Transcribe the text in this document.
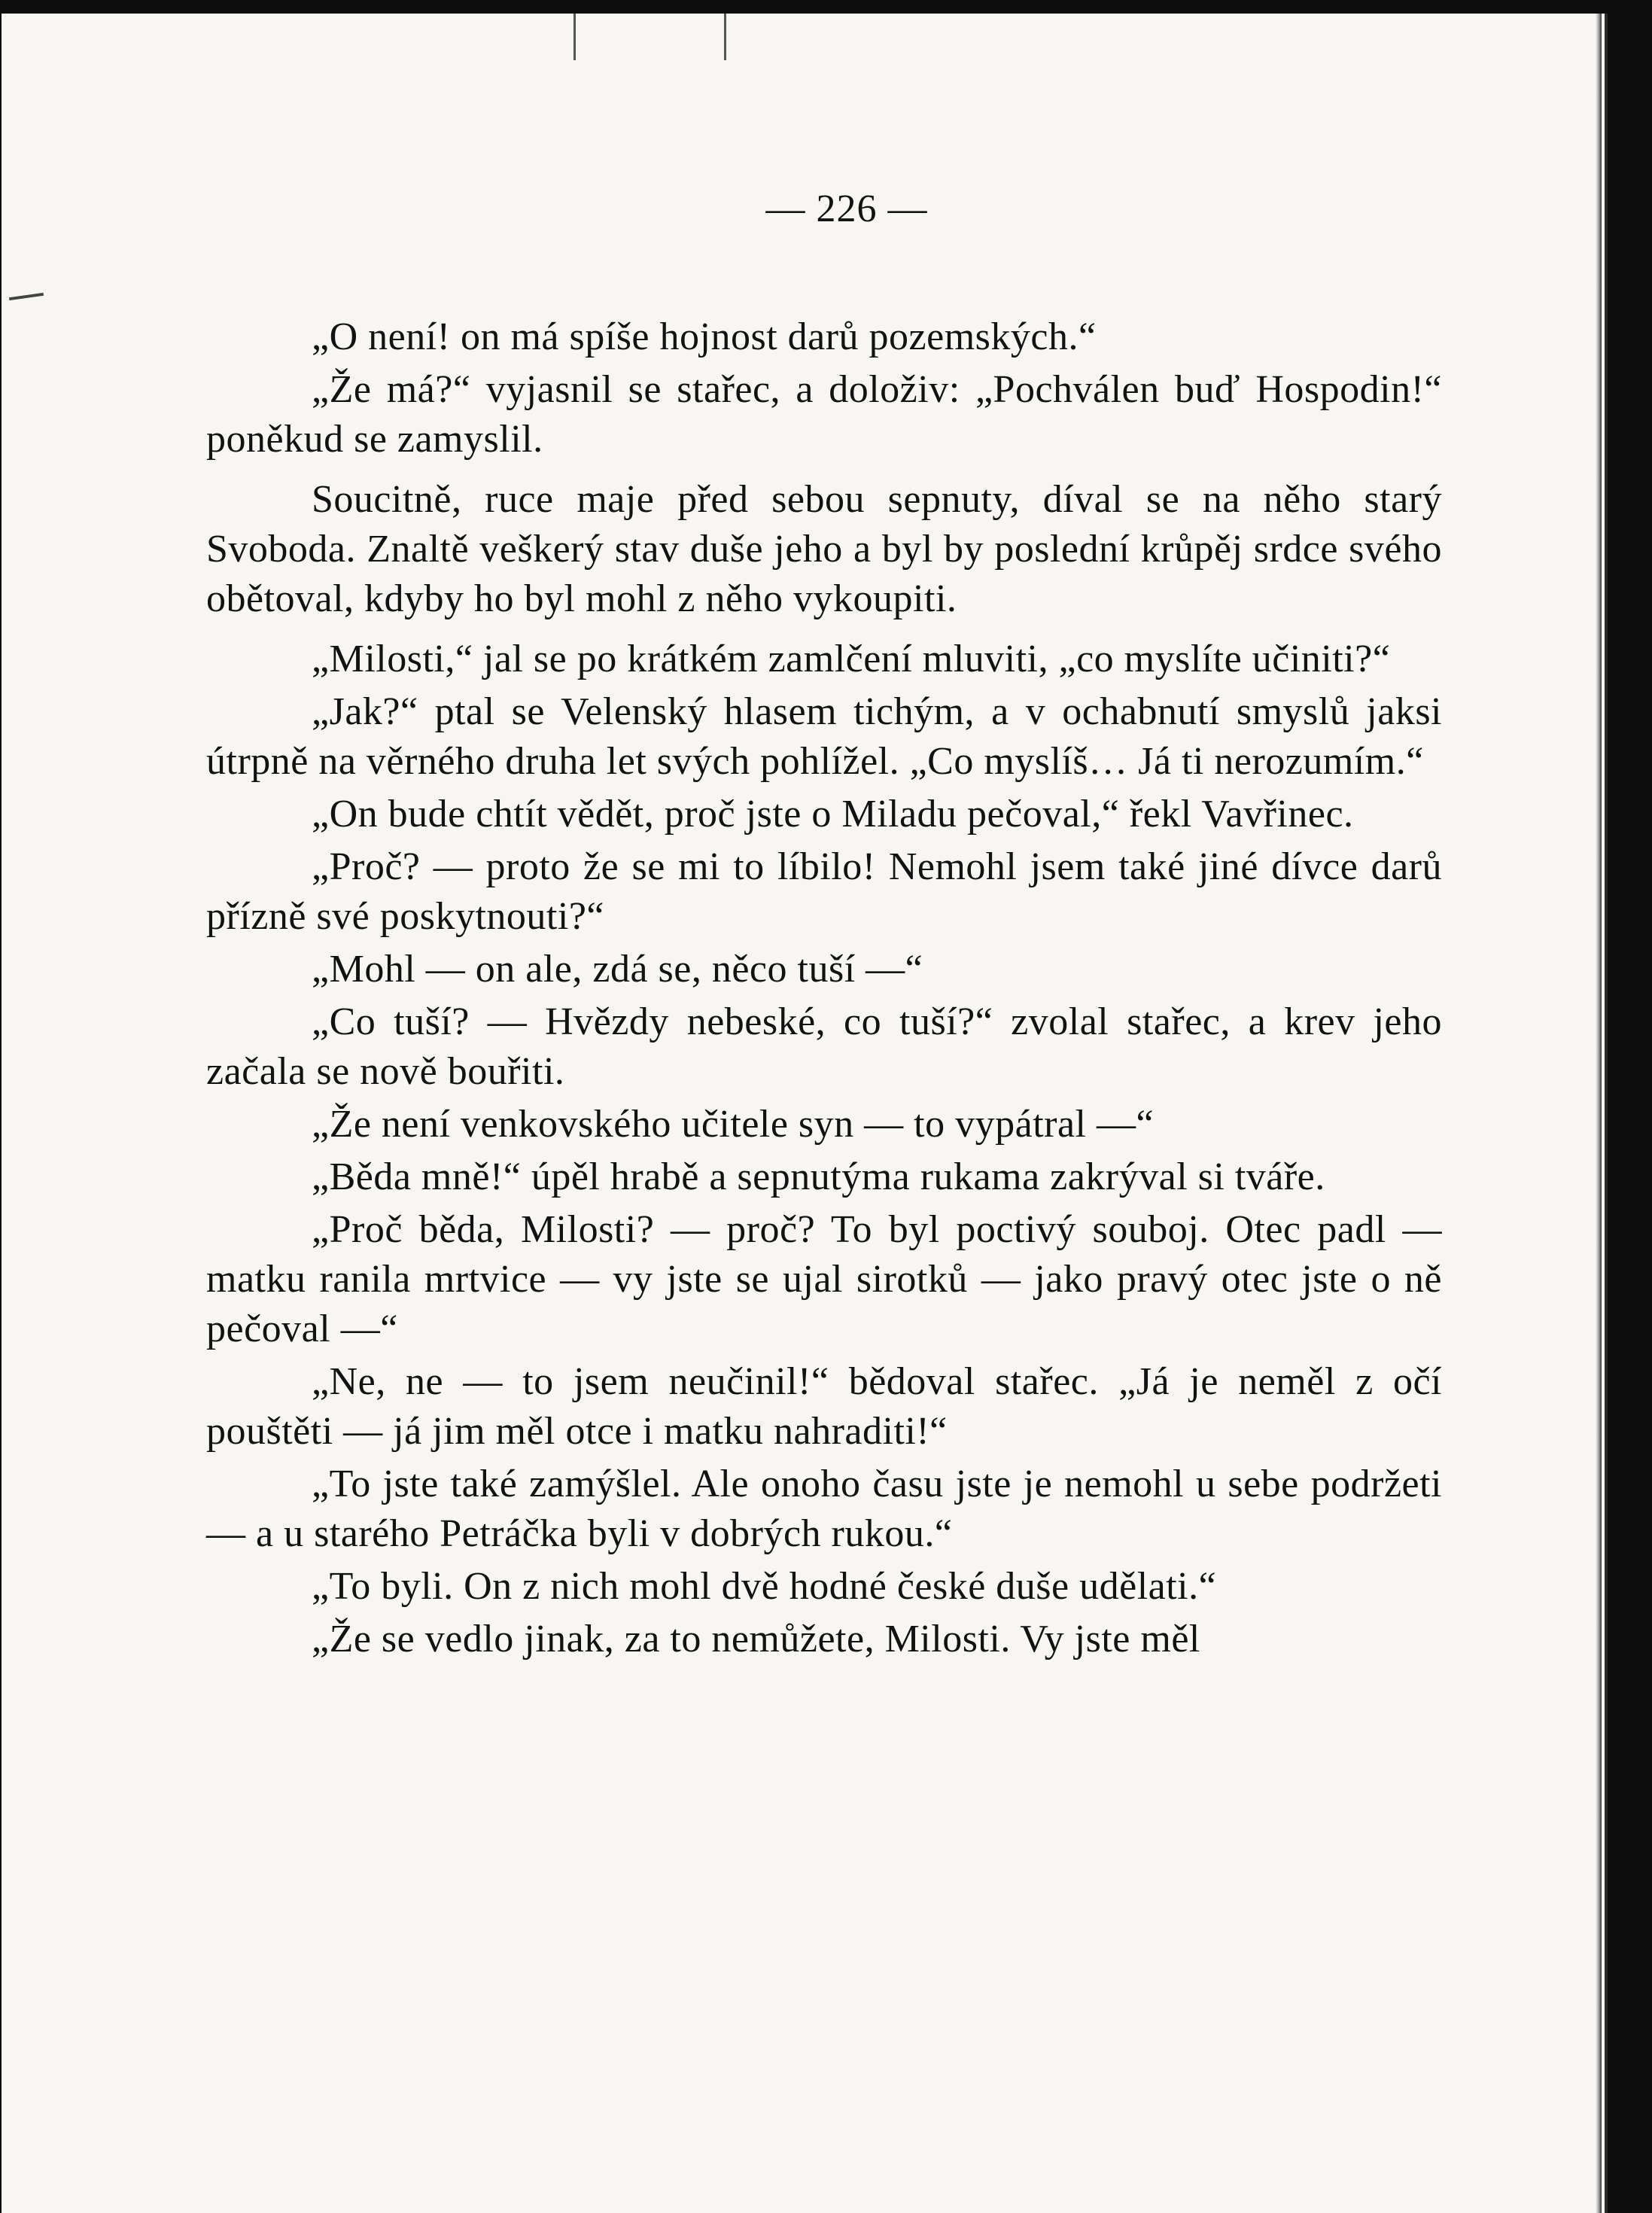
— 226 —

„O není! on má spíše hojnost darů pozemských.“

„Že má?“ vyjasnil se stařec, a doloživ: „Pochválen buď Hospodin!“ poněkud se zamyslil.

Soucitně, ruce maje před sebou sepnuty, díval se na něho starý Svoboda. Znaltě veškerý stav duše jeho a byl by poslední krůpěj srdce svého obětoval, kdyby ho byl mohl z něho vykoupiti.

„Milosti,“ jal se po krátkém zamlčení mluviti, „co myslíte učiniti?“

„Jak?“ ptal se Velenský hlasem tichým, a v ochabnutí smyslů jaksi útrpně na věrného druha let svých pohlížel. „Co myslíš… Já ti nerozumím.“

„On bude chtít vědět, proč jste o Miladu pečoval,“ řekl Vavřinec.

„Proč? — proto že se mi to líbilo! Nemohl jsem také jiné dívce darů přízně své poskytnouti?“

„Mohl — on ale, zdá se, něco tuší —“

„Co tuší? — Hvězdy nebeské, co tuší?“ zvolal stařec, a krev jeho začala se nově bouřiti.

„Že není venkovského učitele syn — to vypátral —“

„Běda mně!“ úpěl hrabě a sepnutýma rukama zakrýval si tváře.

„Proč běda, Milosti? — proč? To byl poctivý souboj. Otec padl — matku ranila mrtvice — vy jste se ujal sirotků — jako pravý otec jste o ně pečoval —“

„Ne, ne — to jsem neučinil!“ bědoval stařec. „Já je neměl z očí pouštěti — já jim měl otce i matku nahraditi!“

„To jste také zamýšlel. Ale onoho času jste je nemohl u sebe podržeti — a u starého Petráčka byli v dobrých rukou.“

„To byli. On z nich mohl dvě hodné české duše udělati.“

„Že se vedlo jinak, za to nemůžete, Milosti. Vy jste měl
